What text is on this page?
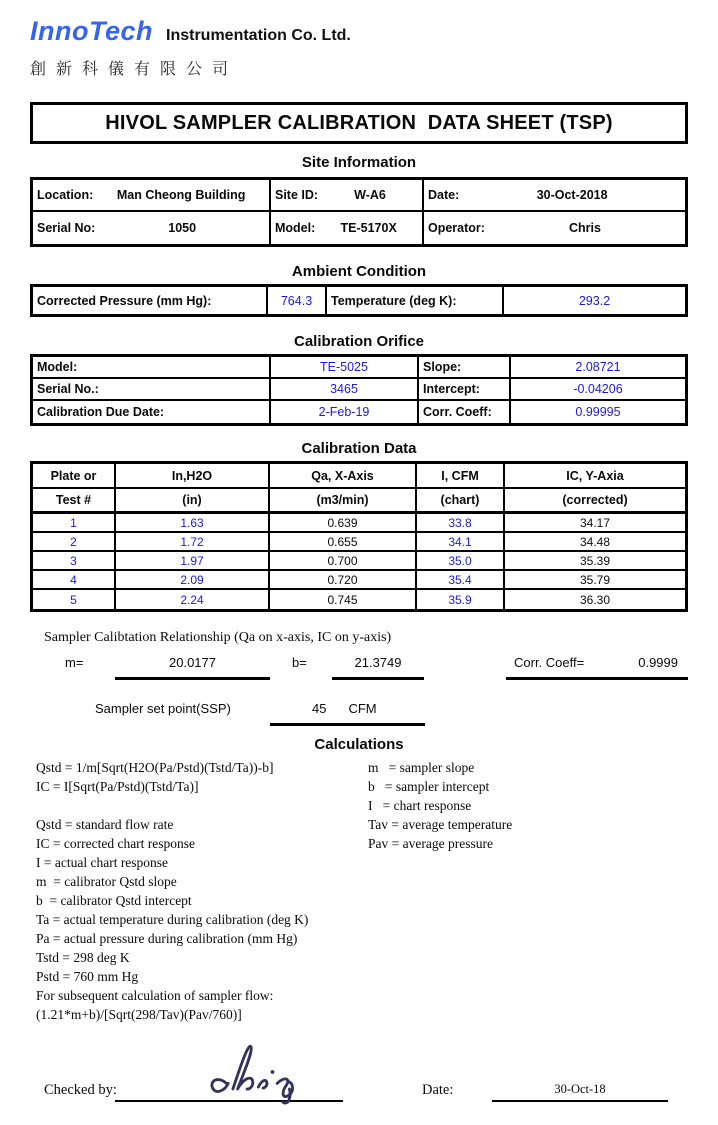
InnoTech Instrumentation Co. Ltd.
創新科儀有限公司
HIVOL SAMPLER CALIBRATION  DATA SHEET (TSP)
Site Information
Location:	Man Cheong Building	Site ID:	W-A6	Date:	30-Oct-2018
Serial No:	1050	Model:	TE-5170X	Operator:	Chris
Ambient Condition
Corrected Pressure (mm Hg):	764.3	Temperature (deg K):	293.2
Calibration Orifice
Model:	TE-5025	Slope:	2.08721
Serial No.:	3465	Intercept:	-0.04206
Calibration Due Date:	2-Feb-19	Corr. Coeff:	0.99995
Calibration Data
Plate or	In,H2O	Qa, X-Axis	I, CFM	IC, Y-Axia
Test #	(in)	(m3/min)	(chart)	(corrected)
1	1.63	0.639	33.8	34.17
2	1.72	0.655	34.1	34.48
3	1.97	0.700	35.0	35.39
4	2.09	0.720	35.4	35.79
5	2.24	0.745	35.9	36.30
Sampler Calibtation Relationship (Qa on x-axis, IC on y-axis)
m=	20.0177	b=	21.3749	Corr. Coeff=	0.9999
Sampler set point(SSP)	45 CFM
Calculations
Qstd = 1/m[Sqrt(H2O(Pa/Pstd)(Tstd/Ta))-b]
IC = I[Sqrt(Pa/Pstd)(Tstd/Ta)]
Qstd = standard flow rate
IC = corrected chart response
I = actual chart response
m  = calibrator Qstd slope
b  = calibrator Qstd intercept
Ta = actual temperature during calibration (deg K)
Pa = actual pressure during calibration (mm Hg)
Tstd = 298 deg K
Pstd = 760 mm Hg
For subsequent calculation of sampler flow:
(1.21*m+b)/[Sqrt(298/Tav)(Pav/760)]
m   = sampler slope
b   = sampler intercept
I   = chart response
Tav = average temperature
Pav = average pressure
Checked by:	Date:	30-Oct-18
